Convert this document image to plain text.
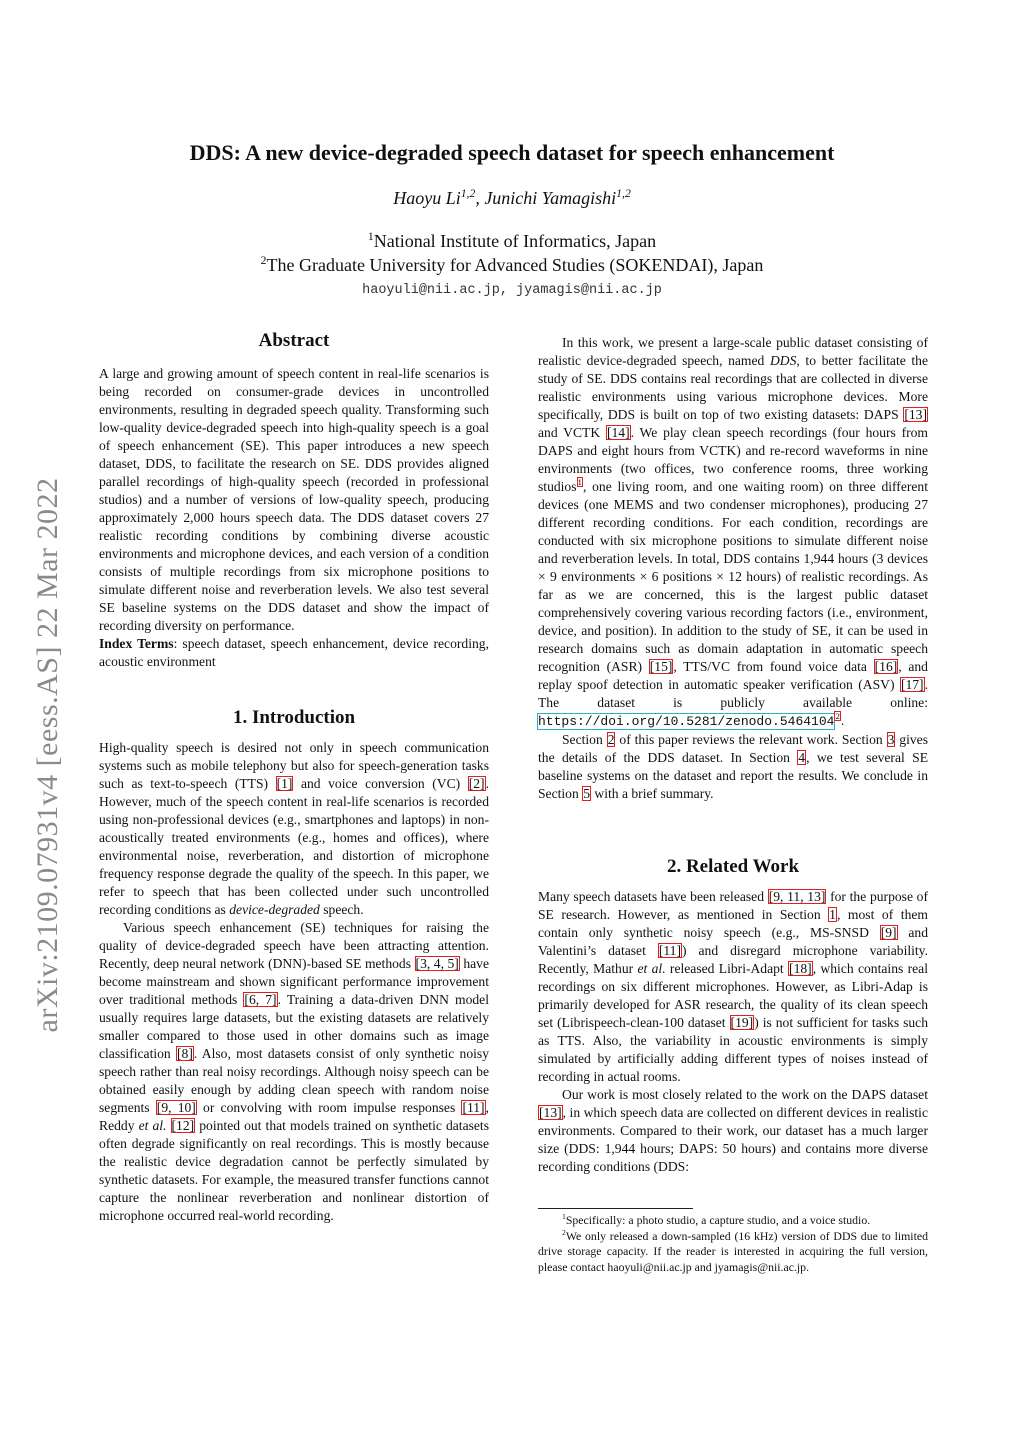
arXiv:2109.07931v4 [eess.AS] 22 Mar 2022
DDS: A new device-degraded speech dataset for speech enhancement
Haoyu Li$^{1,2}$, Junichi Yamagishi$^{1,2}$
$^1$National Institute of Informatics, Japan
$^2$The Graduate University for Advanced Studies (SOKENDAI), Japan
haoyuli@nii.ac.jp, jyamagis@nii.ac.jp
Abstract

A large and growing amount of speech content in real-life scenarios is being recorded on consumer-grade devices in uncontrolled environments, resulting in degraded speech quality. Transforming such low-quality device-degraded speech into high-quality speech is a goal of speech enhancement (SE). This paper introduces a new speech dataset, DDS, to facilitate the research on SE. DDS provides aligned parallel recordings of high-quality speech (recorded in professional studios) and a number of versions of low-quality speech, producing approximately 2,000 hours speech data. The DDS dataset covers 27 realistic recording conditions by combining diverse acoustic environments and microphone devices, and each version of a condition consists of multiple recordings from six microphone positions to simulate different noise and reverberation levels. We also test several SE baseline systems on the DDS dataset and show the impact of recording diversity on performance.

Index Terms: speech dataset, speech enhancement, device recording, acoustic environment

1. Introduction

High-quality speech is desired not only in speech communication systems such as mobile telephony but also for speech-generation tasks such as text-to-speech (TTS) [1] and voice conversion (VC) [2]. However, much of the speech content in real-life scenarios is recorded using non-professional devices (e.g., smartphones and laptops) in non-acoustically treated environments (e.g., homes and offices), where environmental noise, reverberation, and distortion of microphone frequency response degrade the quality of the speech. In this paper, we refer to speech that has been collected under such uncontrolled recording conditions as device-degraded speech.

Various speech enhancement (SE) techniques for raising the quality of device-degraded speech have been attracting attention. Recently, deep neural network (DNN)-based SE methods [3, 4, 5] have become mainstream and shown significant performance improvement over traditional methods [6, 7]. Training a data-driven DNN model usually requires large datasets, but the existing datasets are relatively smaller compared to those used in other domains such as image classification [8]. Also, most datasets consist of only synthetic noisy speech rather than real noisy recordings. Although noisy speech can be obtained easily enough by adding clean speech with random noise segments [9, 10] or convolving with room impulse responses [11], Reddy et al. [12] pointed out that models trained on synthetic datasets often degrade significantly on real recordings. This is mostly because the realistic device degradation cannot be perfectly simulated by synthetic datasets. For example, the measured transfer functions cannot capture the nonlinear reverberation and nonlinear distortion of microphone occurred real-world recording.

In this work, we present a large-scale public dataset consisting of realistic device-degraded speech, named DDS, to better facilitate the study of SE. DDS contains real recordings that are collected in diverse realistic environments using various microphone devices. More specifically, DDS is built on top of two existing datasets: DAPS [13] and VCTK [14]. We play clean speech recordings (four hours from DAPS and eight hours from VCTK) and re-record waveforms in nine environments (two offices, two conference rooms, three working studios$^1$, one living room, and one waiting room) on three different devices (one MEMS and two condenser microphones), producing 27 different recording conditions. For each condition, recordings are conducted with six microphone positions to simulate different noise and reverberation levels. In total, DDS contains 1,944 hours (3 devices × 9 environments × 6 positions × 12 hours) of realistic recordings. As far as we are concerned, this is the largest public dataset comprehensively covering various recording factors (i.e., environment, device, and position). In addition to the study of SE, it can be used in research domains such as domain adaptation in automatic speech recognition (ASR) [15], TTS/VC from found voice data [16], and replay spoof detection in automatic speaker verification (ASV) [17]. The dataset is publicly available online: https://doi.org/10.5281/zenodo.5464104$^2$.

Section 2 of this paper reviews the relevant work. Section 3 gives the details of the DDS dataset. In Section 4, we test several SE baseline systems on the dataset and report the results. We conclude in Section 5 with a brief summary.

2. Related Work

Many speech datasets have been released [9, 11, 13] for the purpose of SE research. However, as mentioned in Section 1, most of them contain only synthetic noisy speech (e.g., MS-SNSD [9] and Valentini’s dataset [11]) and disregard microphone variability. Recently, Mathur et al. released Libri-Adapt [18], which contains real recordings on six different microphones. However, as Libri-Adap is primarily developed for ASR research, the quality of its clean speech set (Librispeech-clean-100 dataset [19]) is not sufficient for tasks such as TTS. Also, the variability in acoustic environments is simply simulated by artificially adding different types of noises instead of recording in actual rooms.

Our work is most closely related to the work on the DAPS dataset [13], in which speech data are collected on different devices in realistic environments. Compared to their work, our dataset has a much larger size (DDS: 1,944 hours; DAPS: 50 hours) and contains more diverse recording conditions (DDS:

$^1$Specifically: a photo studio, a capture studio, and a voice studio.
$^2$We only released a down-sampled (16 kHz) version of DDS due to limited drive storage capacity. If the reader is interested in acquiring the full version, please contact haoyuli@nii.ac.jp and jyamagis@nii.ac.jp.
